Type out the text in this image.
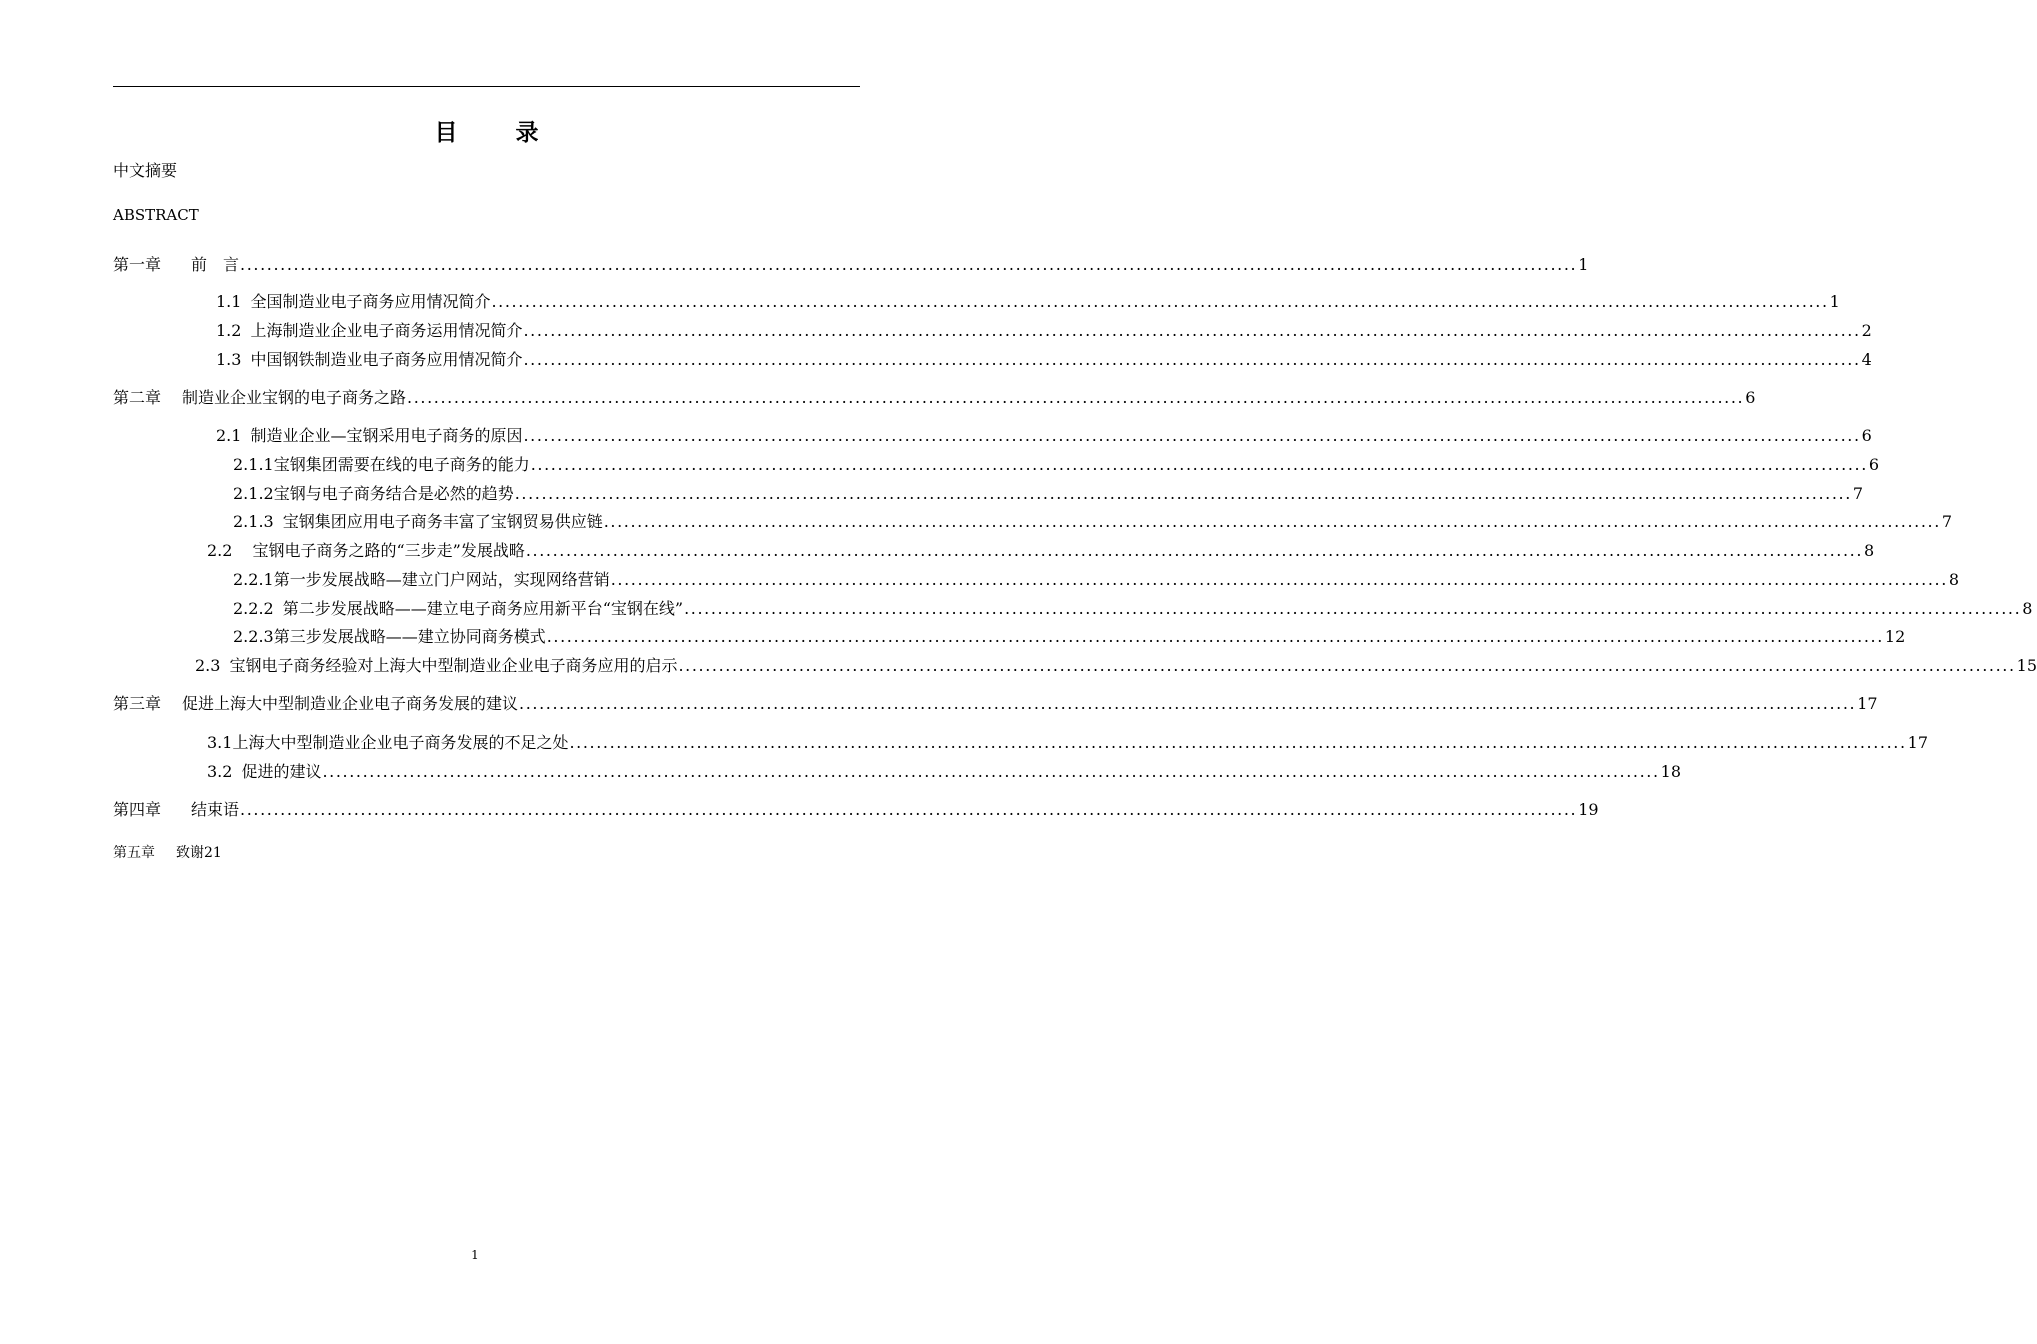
目	录
中文摘要
ABSTRACT
第一章 前　言 ........................................................................................................................................................................................................ 1
1.1 全国制造业电子商务应用情况简介 ........................................................................................................................................................................................................ 1
1.2 上海制造业企业电子商务运用情况简介 ........................................................................................................................................................................................................ 2
1.3 中国钢铁制造业电子商务应用情况简介 ........................................................................................................................................................................................................ 4
第二章 制造业企业宝钢的电子商务之路 ........................................................................................................................................................................................................ 6
2.1 制造业企业—宝钢采用电子商务的原因 ........................................................................................................................................................................................................ 6
2.1.1宝钢集团需要在线的电子商务的能力 ........................................................................................................................................................................................................ 6
2.1.2宝钢与电子商务结合是必然的趋势 ........................................................................................................................................................................................................ 7
2.1.3 宝钢集团应用电子商务丰富了宝钢贸易供应链 ........................................................................................................................................................................................................ 7
2.2 宝钢电子商务之路的“三步走”发展战略 ........................................................................................................................................................................................................ 8
2.2.1第一步发展战略—建立门户网站，实现网络营销 ........................................................................................................................................................................................................ 8
2.2.2 第二步发展战略——建立电子商务应用新平台“宝钢在线” ........................................................................................................................................................................................................ 8
2.2.3第三步发展战略——建立协同商务模式 ........................................................................................................................................................................................................ 12
2.3 宝钢电子商务经验对上海大中型制造业企业电子商务应用的启示 ........................................................................................................................................................................................................ 15
第三章 促进上海大中型制造业企业电子商务发展的建议 ........................................................................................................................................................................................................ 17
3.1上海大中型制造业企业电子商务发展的不足之处 ........................................................................................................................................................................................................ 17
3.2 促进的建议 ........................................................................................................................................................................................................ 18
第四章 结束语 ........................................................................................................................................................................................................ 19
第五章 致谢21
1
